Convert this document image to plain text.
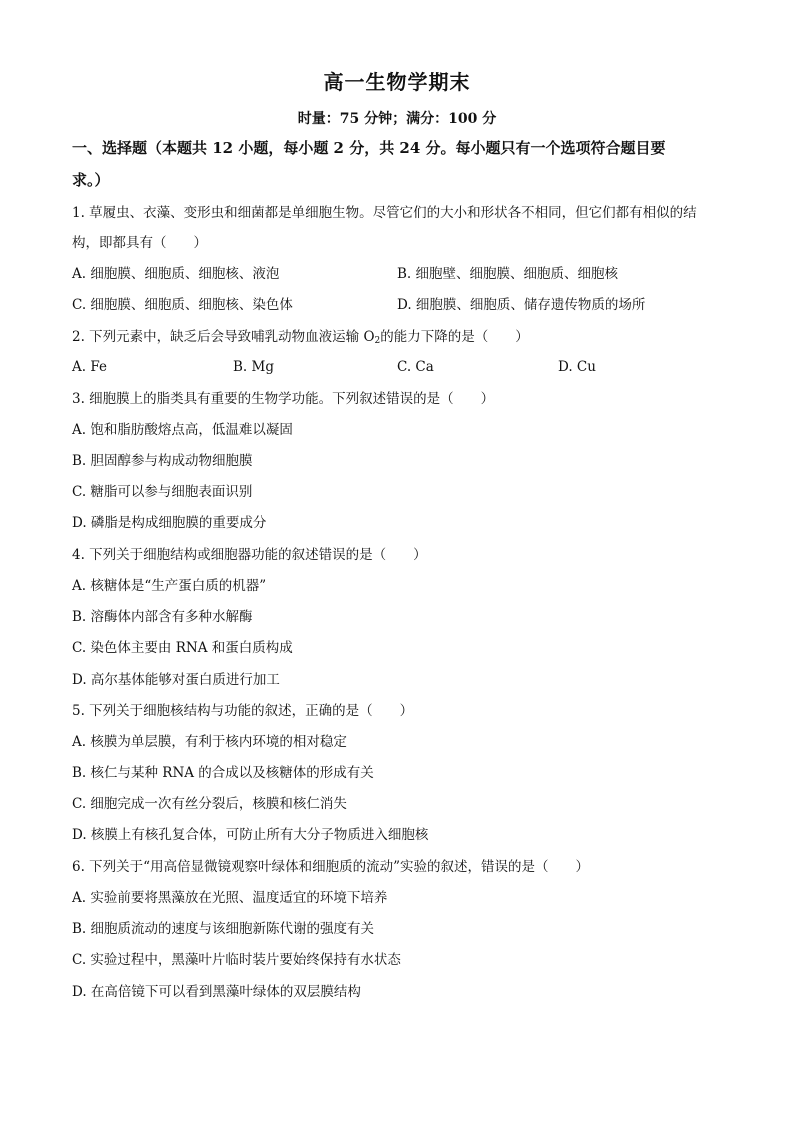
高一生物学期末
时量：75 分钟；满分：100 分
一、选择题（本题共 12 小题，每小题 2 分，共 24 分。每小题只有一个选项符合题目要
求。）
1. 草履虫、衣藻、变形虫和细菌都是单细胞生物。尽管它们的大小和形状各不相同，但它们都有相似的结
构，即都具有（　　）
A. 细胞膜、细胞质、细胞核、液泡	B. 细胞壁、细胞膜、细胞质、细胞核
C. 细胞膜、细胞质、细胞核、染色体	D. 细胞膜、细胞质、储存遗传物质的场所
2. 下列元素中，缺乏后会导致哺乳动物血液运输 $O_2$的能力下降的是（　　）
A. Fe	B. Mg	C. Ca	D. Cu
3. 细胞膜上的脂类具有重要的生物学功能。下列叙述错误的是（　　）
A. 饱和脂肪酸熔点高，低温难以凝固
B. 胆固醇参与构成动物细胞膜
C. 糖脂可以参与细胞表面识别
D. 磷脂是构成细胞膜的重要成分
4. 下列关于细胞结构或细胞器功能的叙述错误的是（　　）
A. 核糖体是“生产蛋白质的机器”
B. 溶酶体内部含有多种水解酶
C. 染色体主要由 RNA 和蛋白质构成
D. 高尔基体能够对蛋白质进行加工
5. 下列关于细胞核结构与功能的叙述，正确的是（　　）
A. 核膜为单层膜，有利于核内环境的相对稳定
B. 核仁与某种 RNA 的合成以及核糖体的形成有关
C. 细胞完成一次有丝分裂后，核膜和核仁消失
D. 核膜上有核孔复合体，可防止所有大分子物质进入细胞核
6. 下列关于“用高倍显微镜观察叶绿体和细胞质的流动”实验的叙述，错误的是（　　）
A. 实验前要将黑藻放在光照、温度适宜的环境下培养
B. 细胞质流动的速度与该细胞新陈代谢的强度有关
C. 实验过程中，黑藻叶片临时装片要始终保持有水状态
D. 在高倍镜下可以看到黑藻叶绿体的双层膜结构
